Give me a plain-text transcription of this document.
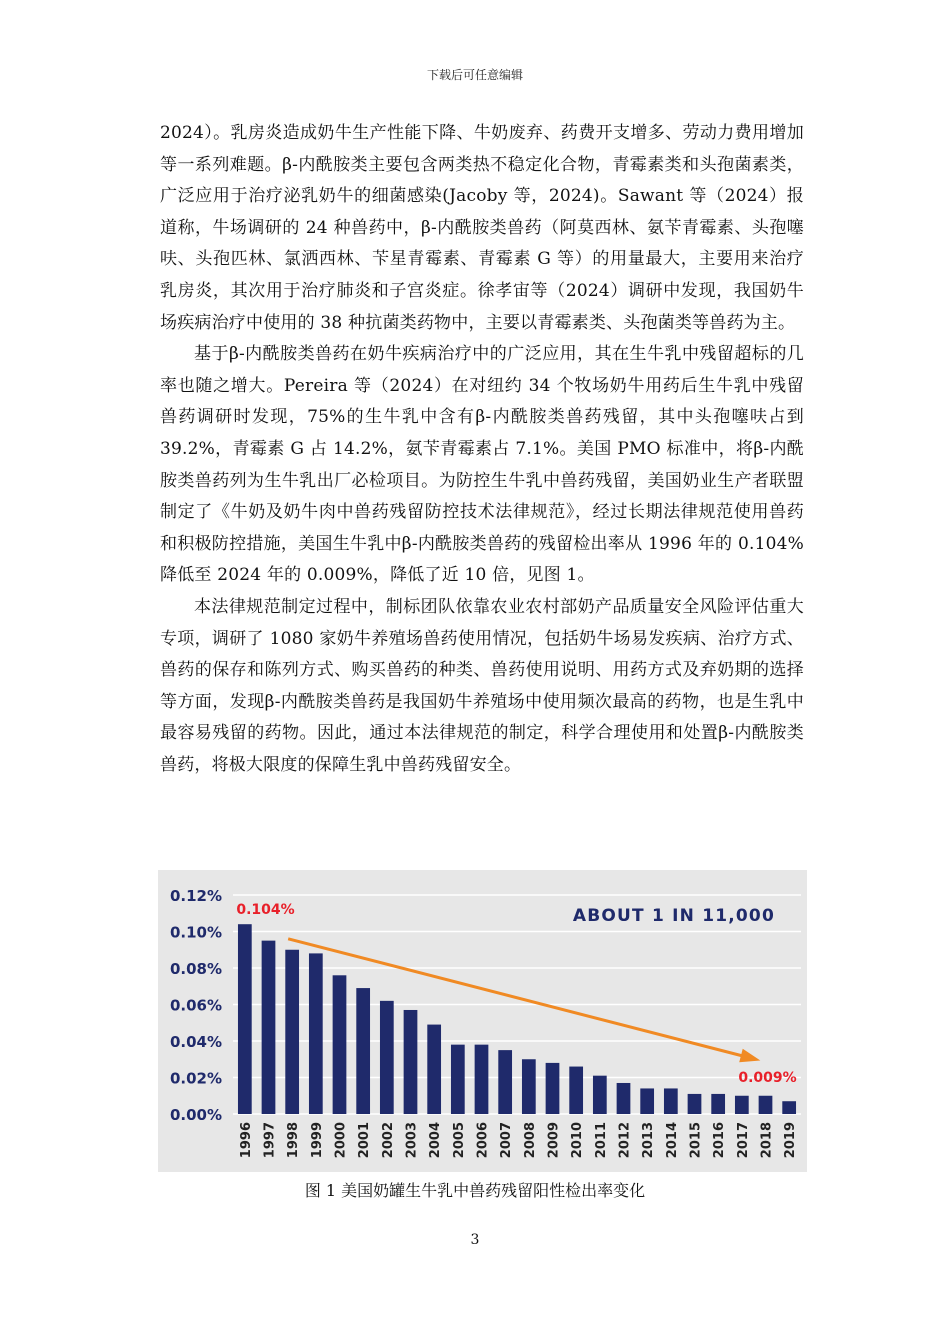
下载后可任意编辑

2024）。乳房炎造成奶牛生产性能下降、牛奶废弃、药费开支增多、劳动力费用增加等一系列难题。β-内酰胺类主要包含两类热不稳定化合物，青霉素类和头孢菌素类，广泛应用于治疗泌乳奶牛的细菌感染(Jacoby 等，2024)。Sawant 等（2024）报道称，牛场调研的 24 种兽药中，β-内酰胺类兽药（阿莫西林、氨苄青霉素、头孢噻呋、头孢匹林、氯洒西林、苄星青霉素、青霉素 G 等）的用量最大，主要用来治疗乳房炎，其次用于治疗肺炎和子宫炎症。徐孝宙等（2024）调研中发现，我国奶牛场疾病治疗中使用的 38 种抗菌类药物中，主要以青霉素类、头孢菌类等兽药为主。

基于β-内酰胺类兽药在奶牛疾病治疗中的广泛应用，其在生牛乳中残留超标的几率也随之增大。Pereira 等（2024）在对纽约 34 个牧场奶牛用药后生牛乳中残留兽药调研时发现，75%的生牛乳中含有β-内酰胺类兽药残留，其中头孢噻呋占到 39.2%，青霉素 G 占 14.2%，氨苄青霉素占 7.1%。美国 PMO 标准中，将β-内酰胺类兽药列为生牛乳出厂必检项目。为防控生牛乳中兽药残留，美国奶业生产者联盟制定了《牛奶及奶牛肉中兽药残留防控技术法律规范》，经过长期法律规范使用兽药和积极防控措施，美国生牛乳中β-内酰胺类兽药的残留检出率从 1996 年的 0.104%降低至 2024 年的 0.009%，降低了近 10 倍，见图 1。

本法律规范制定过程中，制标团队依靠农业农村部奶产品质量安全风险评估重大专项，调研了 1080 家奶牛养殖场兽药使用情况，包括奶牛场易发疾病、治疗方式、兽药的保存和陈列方式、购买兽药的种类、兽药使用说明、用药方式及弃奶期的选择等方面，发现β-内酰胺类兽药是我国奶牛养殖场中使用频次最高的药物，也是生乳中最容易残留的药物。因此，通过本法律规范的制定，科学合理使用和处置β-内酰胺类兽药，将极大限度的保障生乳中兽药残留安全。

0.00%
0.02%
0.04%
0.06%
0.08%
0.10%
0.12%
1996 1997 1998 1999 2000 2001 2002 2003 2004 2005 2006 2007 2008 2009 2010 2011 2012 2013 2014 2015 2016 2017 2018 2019
0.104%
0.009%
ABOUT 1 IN 11,000
图 1 美国奶罐生牛乳中兽药残留阳性检出率变化
3
